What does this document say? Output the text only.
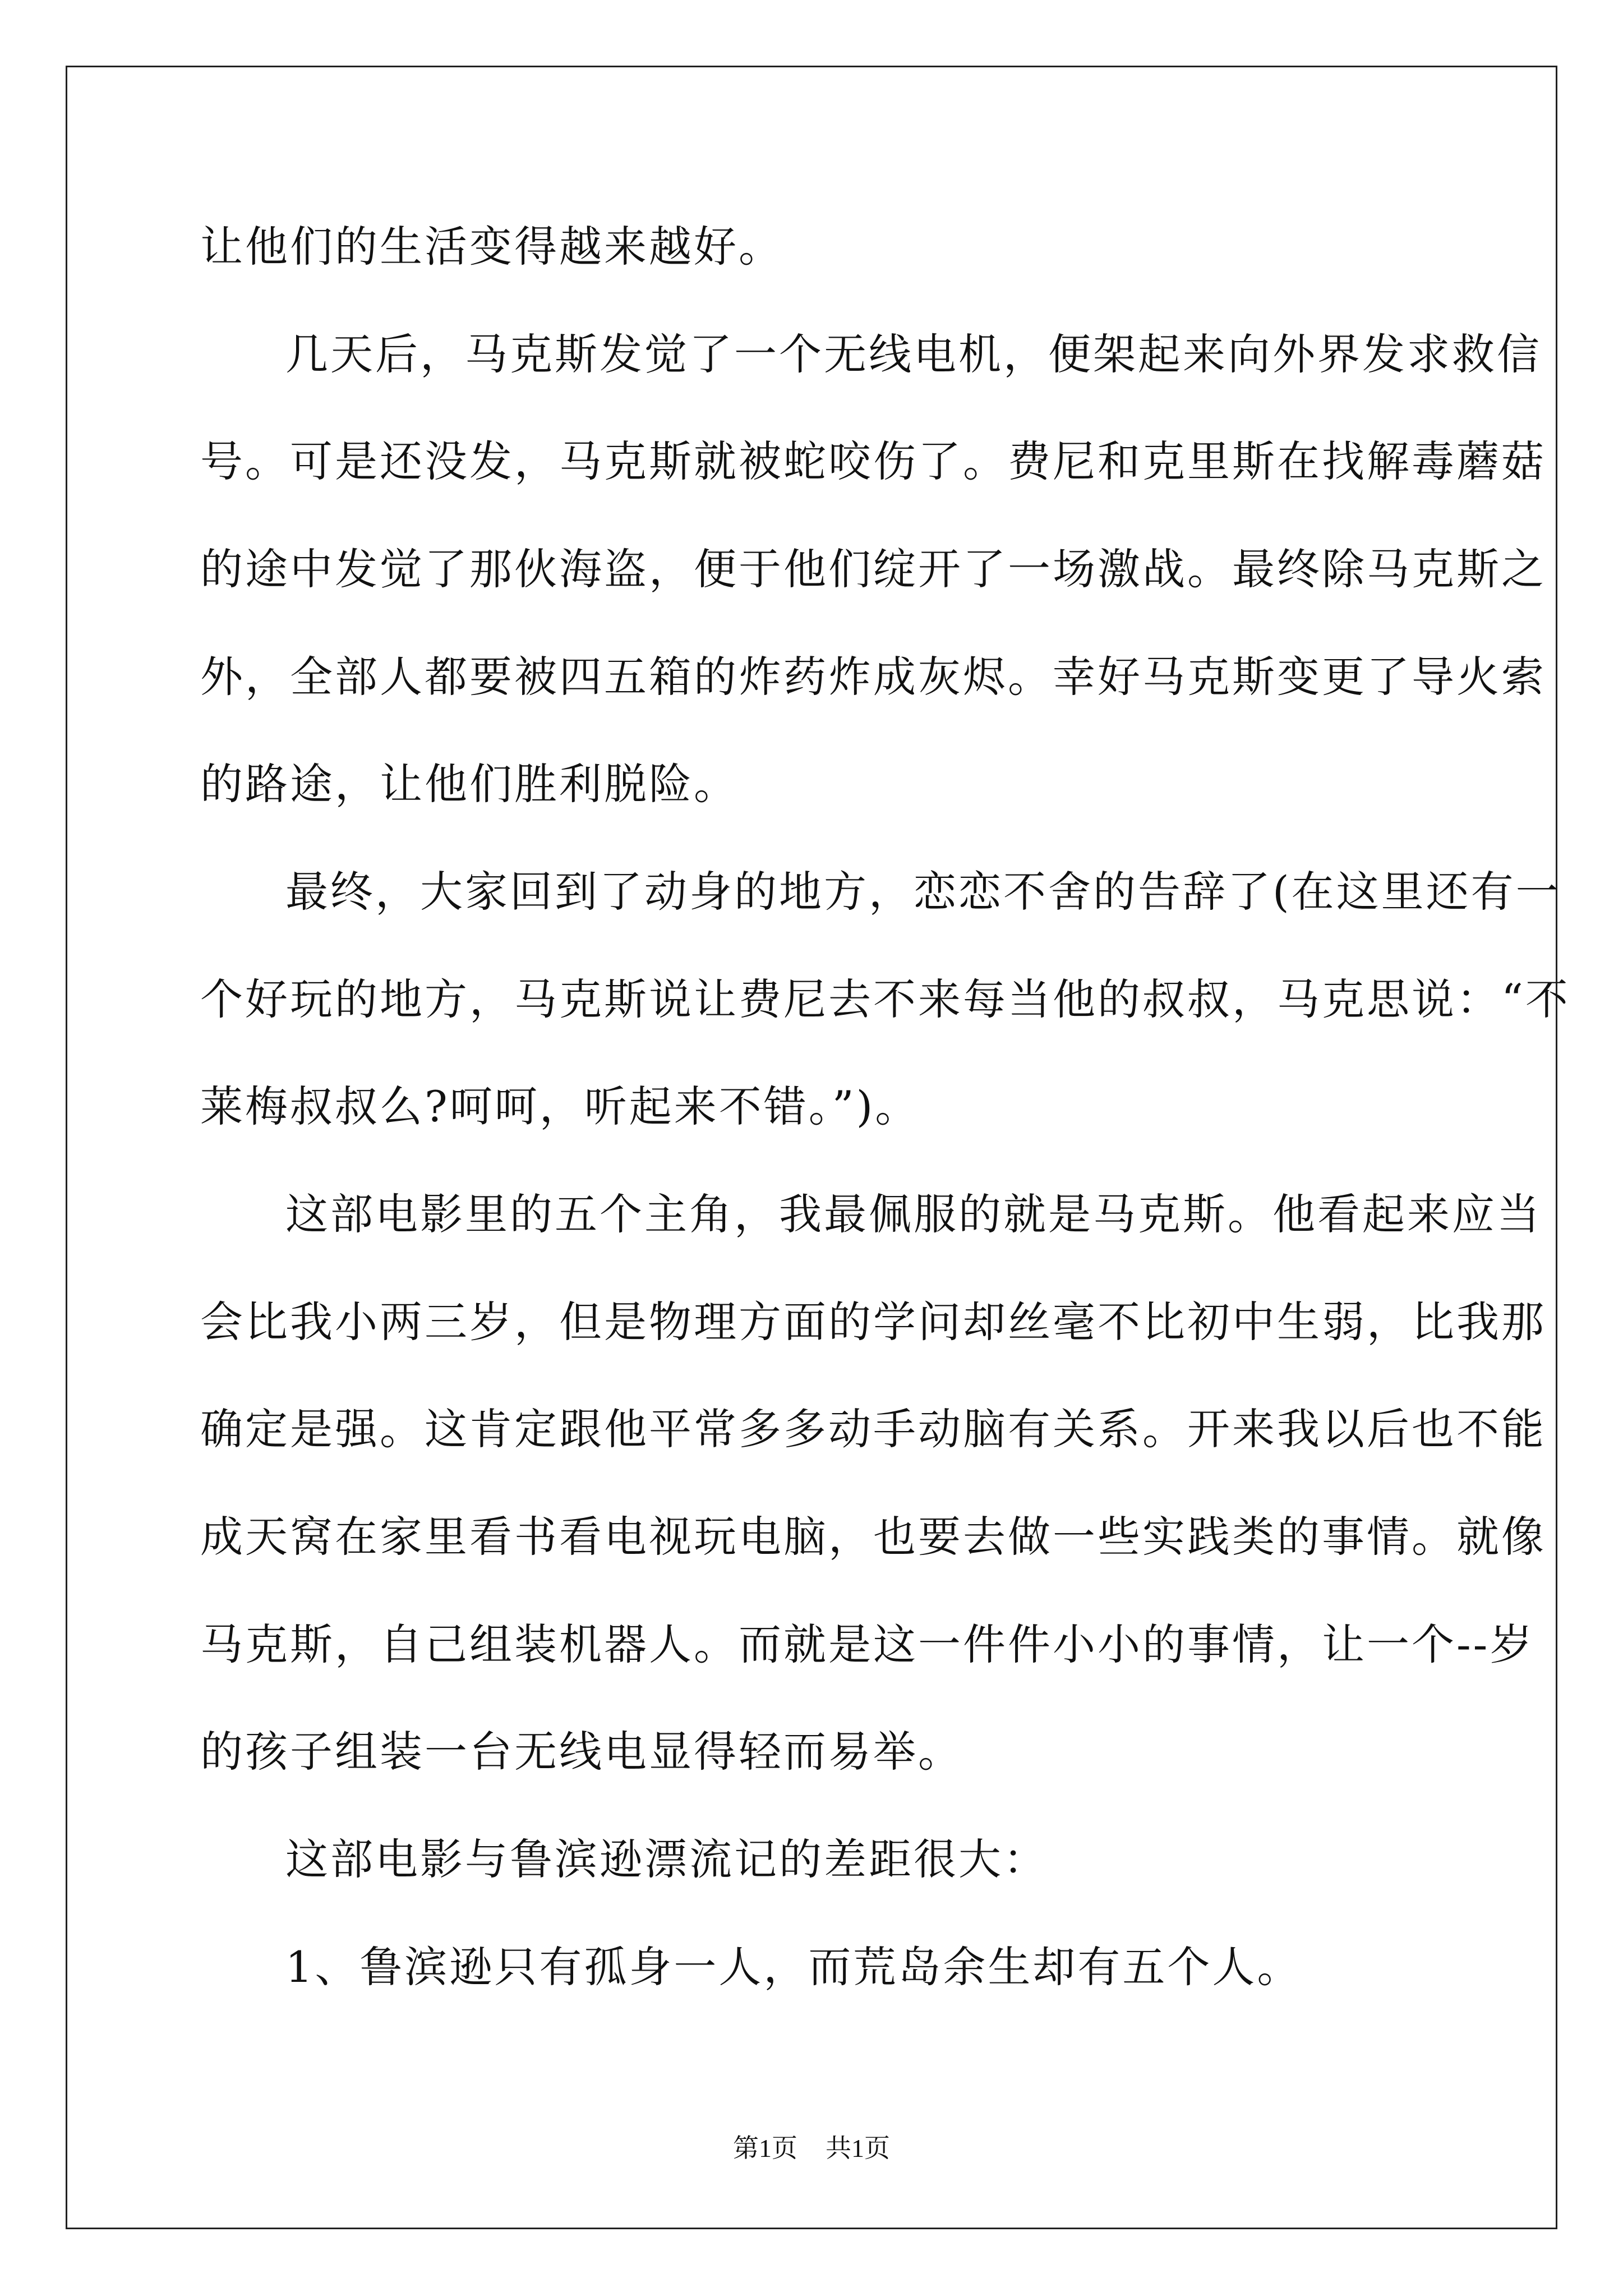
让他们的生活变得越来越好。
几天后，马克斯发觉了一个无线电机，便架起来向外界发求救信
号。可是还没发，马克斯就被蛇咬伤了。费尼和克里斯在找解毒蘑菇
的途中发觉了那伙海盗，便于他们绽开了一场激战。最终除马克斯之
外，全部人都要被四五箱的炸药炸成灰烬。幸好马克斯变更了导火索
的路途，让他们胜利脱险。
最终，大家回到了动身的地方，恋恋不舍的告辞了(在这里还有一
个好玩的地方，马克斯说让费尼去不来每当他的叔叔，马克思说：“不
莱梅叔叔么?呵呵，听起来不错。”)。
这部电影里的五个主角，我最佩服的就是马克斯。他看起来应当
会比我小两三岁，但是物理方面的学问却丝毫不比初中生弱，比我那
确定是强。这肯定跟他平常多多动手动脑有关系。开来我以后也不能
成天窝在家里看书看电视玩电脑，也要去做一些实践类的事情。就像
马克斯，自己组装机器人。而就是这一件件小小的事情，让一个--岁
的孩子组装一台无线电显得轻而易举。
这部电影与鲁滨逊漂流记的差距很大：
1、鲁滨逊只有孤身一人，而荒岛余生却有五个人。
第1页 共1页
